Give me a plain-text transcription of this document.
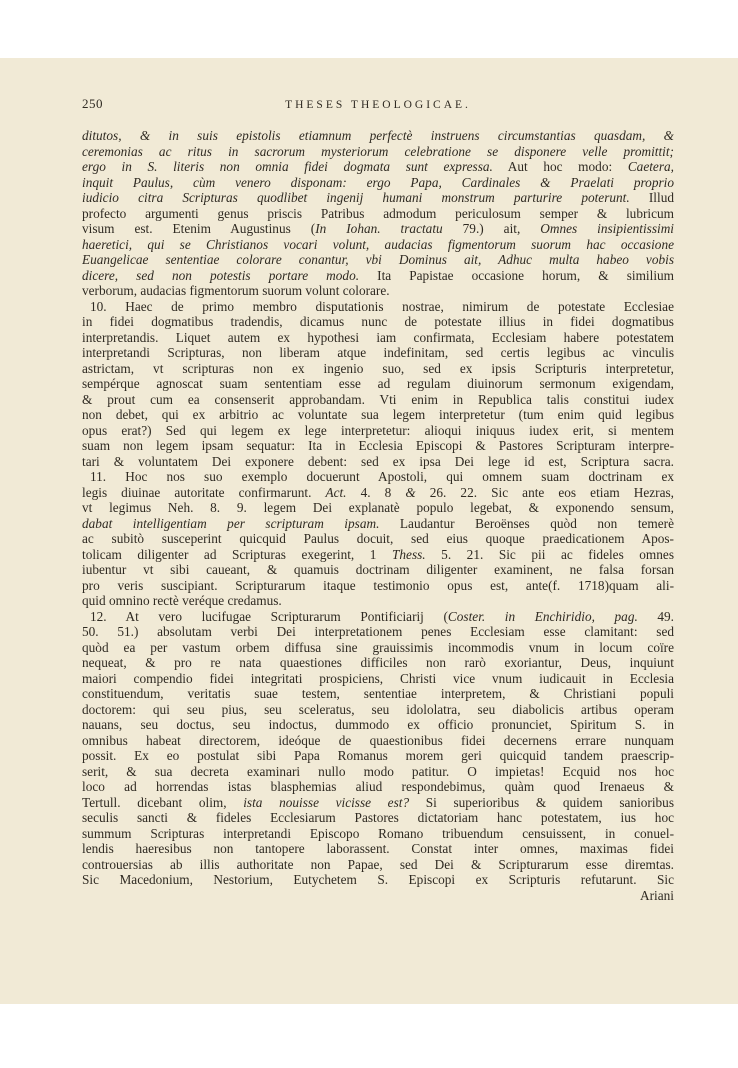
250	THESES THEOLOGICAE.
ditutos, & in suis epistolis etiamnum perfectè instruens circumstantias quasdam, &
ceremonias ac ritus in sacrorum mysteriorum celebratione se disponere velle promittit;
ergo in S. literis non omnia fidei dogmata sunt expressa. Aut hoc modo: Caetera,
inquit Paulus, cùm venero disponam: ergo Papa, Cardinales & Praelati proprio
iudicio citra Scripturas quodlibet ingenij humani monstrum parturire poterunt. Illud
profecto argumenti genus priscis Patribus admodum periculosum semper & lubricum
visum est. Etenim Augustinus (In Iohan. tractatu 79.) ait, Omnes insipientissimi
haeretici, qui se Christianos vocari volunt, audacias figmentorum suorum hac occasione
Euangelicae sententiae colorare conantur, vbi Dominus ait, Adhuc multa habeo vobis
dicere, sed non potestis portare modo. Ita Papistae occasione horum, & similium
verborum, audacias figmentorum suorum volunt colorare.
10. Haec de primo membro disputationis nostrae, nimirum de potestate Ecclesiae
in fidei dogmatibus tradendis, dicamus nunc de potestate illius in fidei dogmatibus
interpretandis. Liquet autem ex hypothesi iam confirmata, Ecclesiam habere potestatem
interpretandi Scripturas, non liberam atque indefinitam, sed certis legibus ac vinculis
astrictam, vt scripturas non ex ingenio suo, sed ex ipsis Scripturis interpretetur,
sempérque agnoscat suam sententiam esse ad regulam diuinorum sermonum exigendam,
& prout cum ea consenserit approbandam. Vti enim in Republica talis constitui iudex
non debet, qui ex arbitrio ac voluntate sua legem interpretetur (tum enim quid legibus
opus erat?) Sed qui legem ex lege interpretetur: alioqui iniquus iudex erit, si mentem
suam non legem ipsam sequatur: Ita in Ecclesia Episcopi & Pastores Scripturam interpre-
tari & voluntatem Dei exponere debent: sed ex ipsa Dei lege id est, Scriptura sacra.
11. Hoc nos suo exemplo docuerunt Apostoli, qui omnem suam doctrinam ex
legis diuinae autoritate confirmarunt. Act. 4. 8 & 26. 22. Sic ante eos etiam Hezras,
vt legimus Neh. 8. 9. legem Dei explanatè populo legebat, & exponendo sensum,
dabat intelligentiam per scripturam ipsam. Laudantur Beroënses quòd non temerè
ac subitò susceperint quicquid Paulus docuit, sed eius quoque praedicationem Apos-
tolicam diligenter ad Scripturas exegerint, 1 Thess. 5. 21. Sic pii ac fideles omnes
iubentur vt sibi caueant, & quamuis doctrinam diligenter examinent, ne falsa forsan
pro veris suscipiant. Scripturarum itaque testimonio opus est, ante(f. 1718)quam ali-
quid omnino rectè veréque credamus.
12. At vero lucifugae Scripturarum Pontificiarij (Coster. in Enchiridio, pag. 49.
50. 51.) absolutam verbi Dei interpretationem penes Ecclesiam esse clamitant: sed
quòd ea per vastum orbem diffusa sine grauissimis incommodis vnum in locum coïre
nequeat, & pro re nata quaestiones difficiles non rarò exoriantur, Deus, inquiunt
maiori compendio fidei integritati prospiciens, Christi vice vnum iudicauit in Ecclesia
constituendum, veritatis suae testem, sententiae interpretem, & Christiani populi
doctorem: qui seu pius, seu sceleratus, seu idololatra, seu diabolicis artibus operam
nauans, seu doctus, seu indoctus, dummodo ex officio pronunciet, Spiritum S. in
omnibus habeat directorem, ideóque de quaestionibus fidei decernens errare nunquam
possit. Ex eo postulat sibi Papa Romanus morem geri quicquid tandem praescrip-
serit, & sua decreta examinari nullo modo patitur. O impietas! Ecquid nos hoc
loco ad horrendas istas blasphemias aliud respondebimus, quàm quod Irenaeus &
Tertull. dicebant olim, ista nouisse vicisse est? Si superioribus & quidem sanioribus
seculis sancti & fideles Ecclesiarum Pastores dictatoriam hanc potestatem, ius hoc
summum Scripturas interpretandi Episcopo Romano tribuendum censuissent, in conuel-
lendis haeresibus non tantopere laborassent. Constat inter omnes, maximas fidei
controuersias ab illis authoritate non Papae, sed Dei & Scripturarum esse diremtas.
Sic Macedonium, Nestorium, Eutychetem S. Episcopi ex Scripturis refutarunt. Sic
Ariani
